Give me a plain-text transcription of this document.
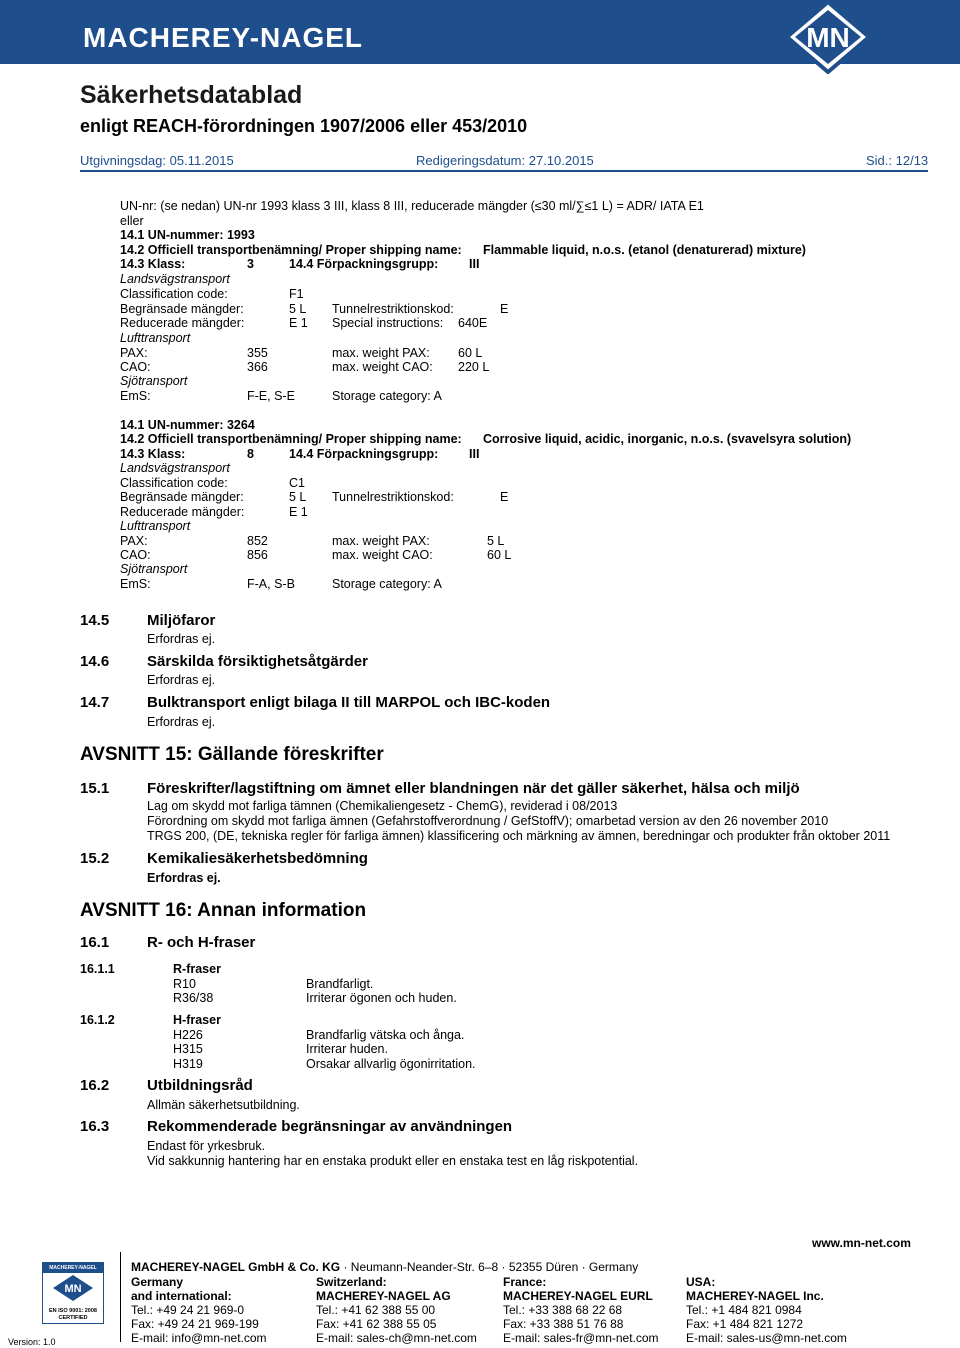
MACHEREY-NAGEL	MN
Säkerhetsdatablad
enligt REACH-förordningen 1907/2006 eller 453/2010
Utgivningsdag: 05.11.2015	Redigeringsdatum: 27.10.2015	Sid.: 12/13
UN-nr: (se nedan) UN-nr 1993 klass 3 III, klass 8 III, reducerade mängder (≤30 ml/∑≤1 L) = ADR/ IATA E1
eller
14.1 UN-nummer: 1993
14.2 Officiell transportbenämning/ Proper shipping name: Flammable liquid, n.o.s. (etanol (denaturerad) mixture)
14.3 Klass:	3	14.4 Förpackningsgrupp: III
Landsvägstransport
Classification code:	F1
Begränsade mängder:	5 L Tunnelrestriktionskod:	E
Reducerade mängder:	E 1 Special instructions: 640E
Lufttransport
PAX:	355	max. weight PAX: 60 L
CAO:	366	max. weight CAO: 220 L
Sjötransport
EmS:	F-E, S-E	Storage category: A
14.1 UN-nummer: 3264
14.2 Officiell transportbenämning/ Proper shipping name: Corrosive liquid, acidic, inorganic, n.o.s. (svavelsyra solution)
14.3 Klass:	8	14.4 Förpackningsgrupp: III
Landsvägstransport
Classification code:	C1
Begränsade mängder:	5 L Tunnelrestriktionskod:	E
Reducerade mängder:	E 1
Lufttransport
PAX:	852	max. weight PAX:	5 L
CAO:	856	max. weight CAO:	60 L
Sjötransport
EmS:	F-A, S-B	Storage category: A
14.5	Miljöfaror
Erfordras ej.
14.6	Särskilda försiktighetsåtgärder
Erfordras ej.
14.7	Bulktransport enligt bilaga II till MARPOL och IBC-koden
Erfordras ej.
AVSNITT 15: Gällande föreskrifter
15.1	Föreskrifter/lagstiftning om ämnet eller blandningen när det gäller säkerhet, hälsa och miljö
Lag om skydd mot farliga tämnen (Chemikaliengesetz - ChemG), reviderad i 08/2013
Förordning om skydd mot farliga ämnen (Gefahrstoffverordnung / GefStoffV); omarbetad version av den 26 november 2010
TRGS 200, (DE, tekniska regler för farliga ämnen) klassificering och märkning av ämnen, beredningar och produkter från oktober 2011
15.2	Kemikaliesäkerhetsbedömning
Erfordras ej.
AVSNITT 16: Annan information
16.1	R- och H-fraser
16.1.1	R-fraser
R10	Brandfarligt.
R36/38	Irriterar ögonen och huden.
16.1.2	H-fraser
H226	Brandfarlig vätska och ånga.
H315	Irriterar huden.
H319	Orsakar allvarlig ögonirritation.
16.2	Utbildningsråd
Allmän säkerhetsutbildning.
16.3	Rekommenderade begränsningar av användningen
Endast för yrkesbruk.
Vid sakkunnig hantering har en enstaka produkt eller en enstaka test en låg riskpotential.
MACHEREY-NAGEL
MN
EN ISO 9001: 2008 CERTIFIED
Version: 1.0
MACHEREY-NAGEL GmbH & Co. KG · Neumann-Neander-Str. 6–8 · 52355 Düren · Germany
www.mn-net.com
Germany
and international:
Tel.: +49 24 21 969-0
Fax: +49 24 21 969-199
E-mail: info@mn-net.com
Switzerland:
MACHEREY-NAGEL AG
Tel.: +41 62 388 55 00
Fax: +41 62 388 55 05
E-mail: sales-ch@mn-net.com
France:
MACHEREY-NAGEL EURL
Tel.: +33 388 68 22 68
Fax: +33 388 51 76 88
E-mail: sales-fr@mn-net.com
USA:
MACHEREY-NAGEL Inc.
Tel.: +1 484 821 0984
Fax: +1 484 821 1272
E-mail: sales-us@mn-net.com
